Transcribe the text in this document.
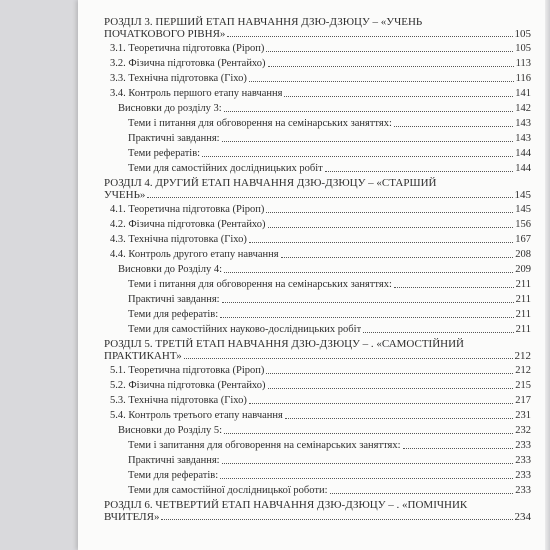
РОЗДІЛ 3. ПЕРШИЙ ЕТАП НАВЧАННЯ ДЗЮ-ДЗЮЦУ – «УЧЕНЬ
ПОЧАТКОВОГО РІВНЯ»	105
3.1. Теоретична підготовка (Ріроп)	105
3.2. Фізична підготовка (Рентайхо)	113
3.3. Технічна підготовка (Гіхо)	116
3.4. Контроль першого етапу навчання	141
Висновки до розділу 3:	142
Теми і питання для обговорення на семінарських заняттях:	143
Практичні завдання:	143
Теми рефератів:	144
Теми для самостійних дослідницьких робіт	144
РОЗДІЛ 4. ДРУГИЙ ЕТАП НАВЧАННЯ ДЗЮ-ДЗЮЦУ – «СТАРШИЙ
УЧЕНЬ»	145
4.1. Теоретична підготовка (Ріроп)	145
4.2. Фізична підготовка (Рентайхо)	156
4.3. Технічна підготовка (Гіхо)	167
4.4. Контроль другого етапу навчання	208
Висновки до Розділу 4:	209
Теми і питання для обговорення на семінарських заняттях:	211
Практичні завдання:	211
Теми для рефератів:	211
Теми для самостійних науково-дослідницьких робіт	211
РОЗДІЛ 5. ТРЕТІЙ ЕТАП НАВЧАННЯ ДЗЮ-ДЗЮЦУ – . «САМОСТІЙНИЙ
ПРАКТИКАНТ»	212
5.1. Теоретична підготовка (Ріроп)	212
5.2. Фізична підготовка (Рентайхо)	215
5.3. Технічна підготовка (Гіхо)	217
5.4. Контроль третього етапу навчання	231
Висновки до Розділу 5:	232
Теми і запитання для обговорення на семінарських заняттях:	233
Практичні завдання:	233
Теми для рефератів:	233
Теми для самостійної дослідницької роботи:	233
РОЗДІЛ 6. ЧЕТВЕРТИЙ ЕТАП НАВЧАННЯ ДЗЮ-ДЗЮЦУ – . «ПОМІЧНИК
ВЧИТЕЛЯ»	234
